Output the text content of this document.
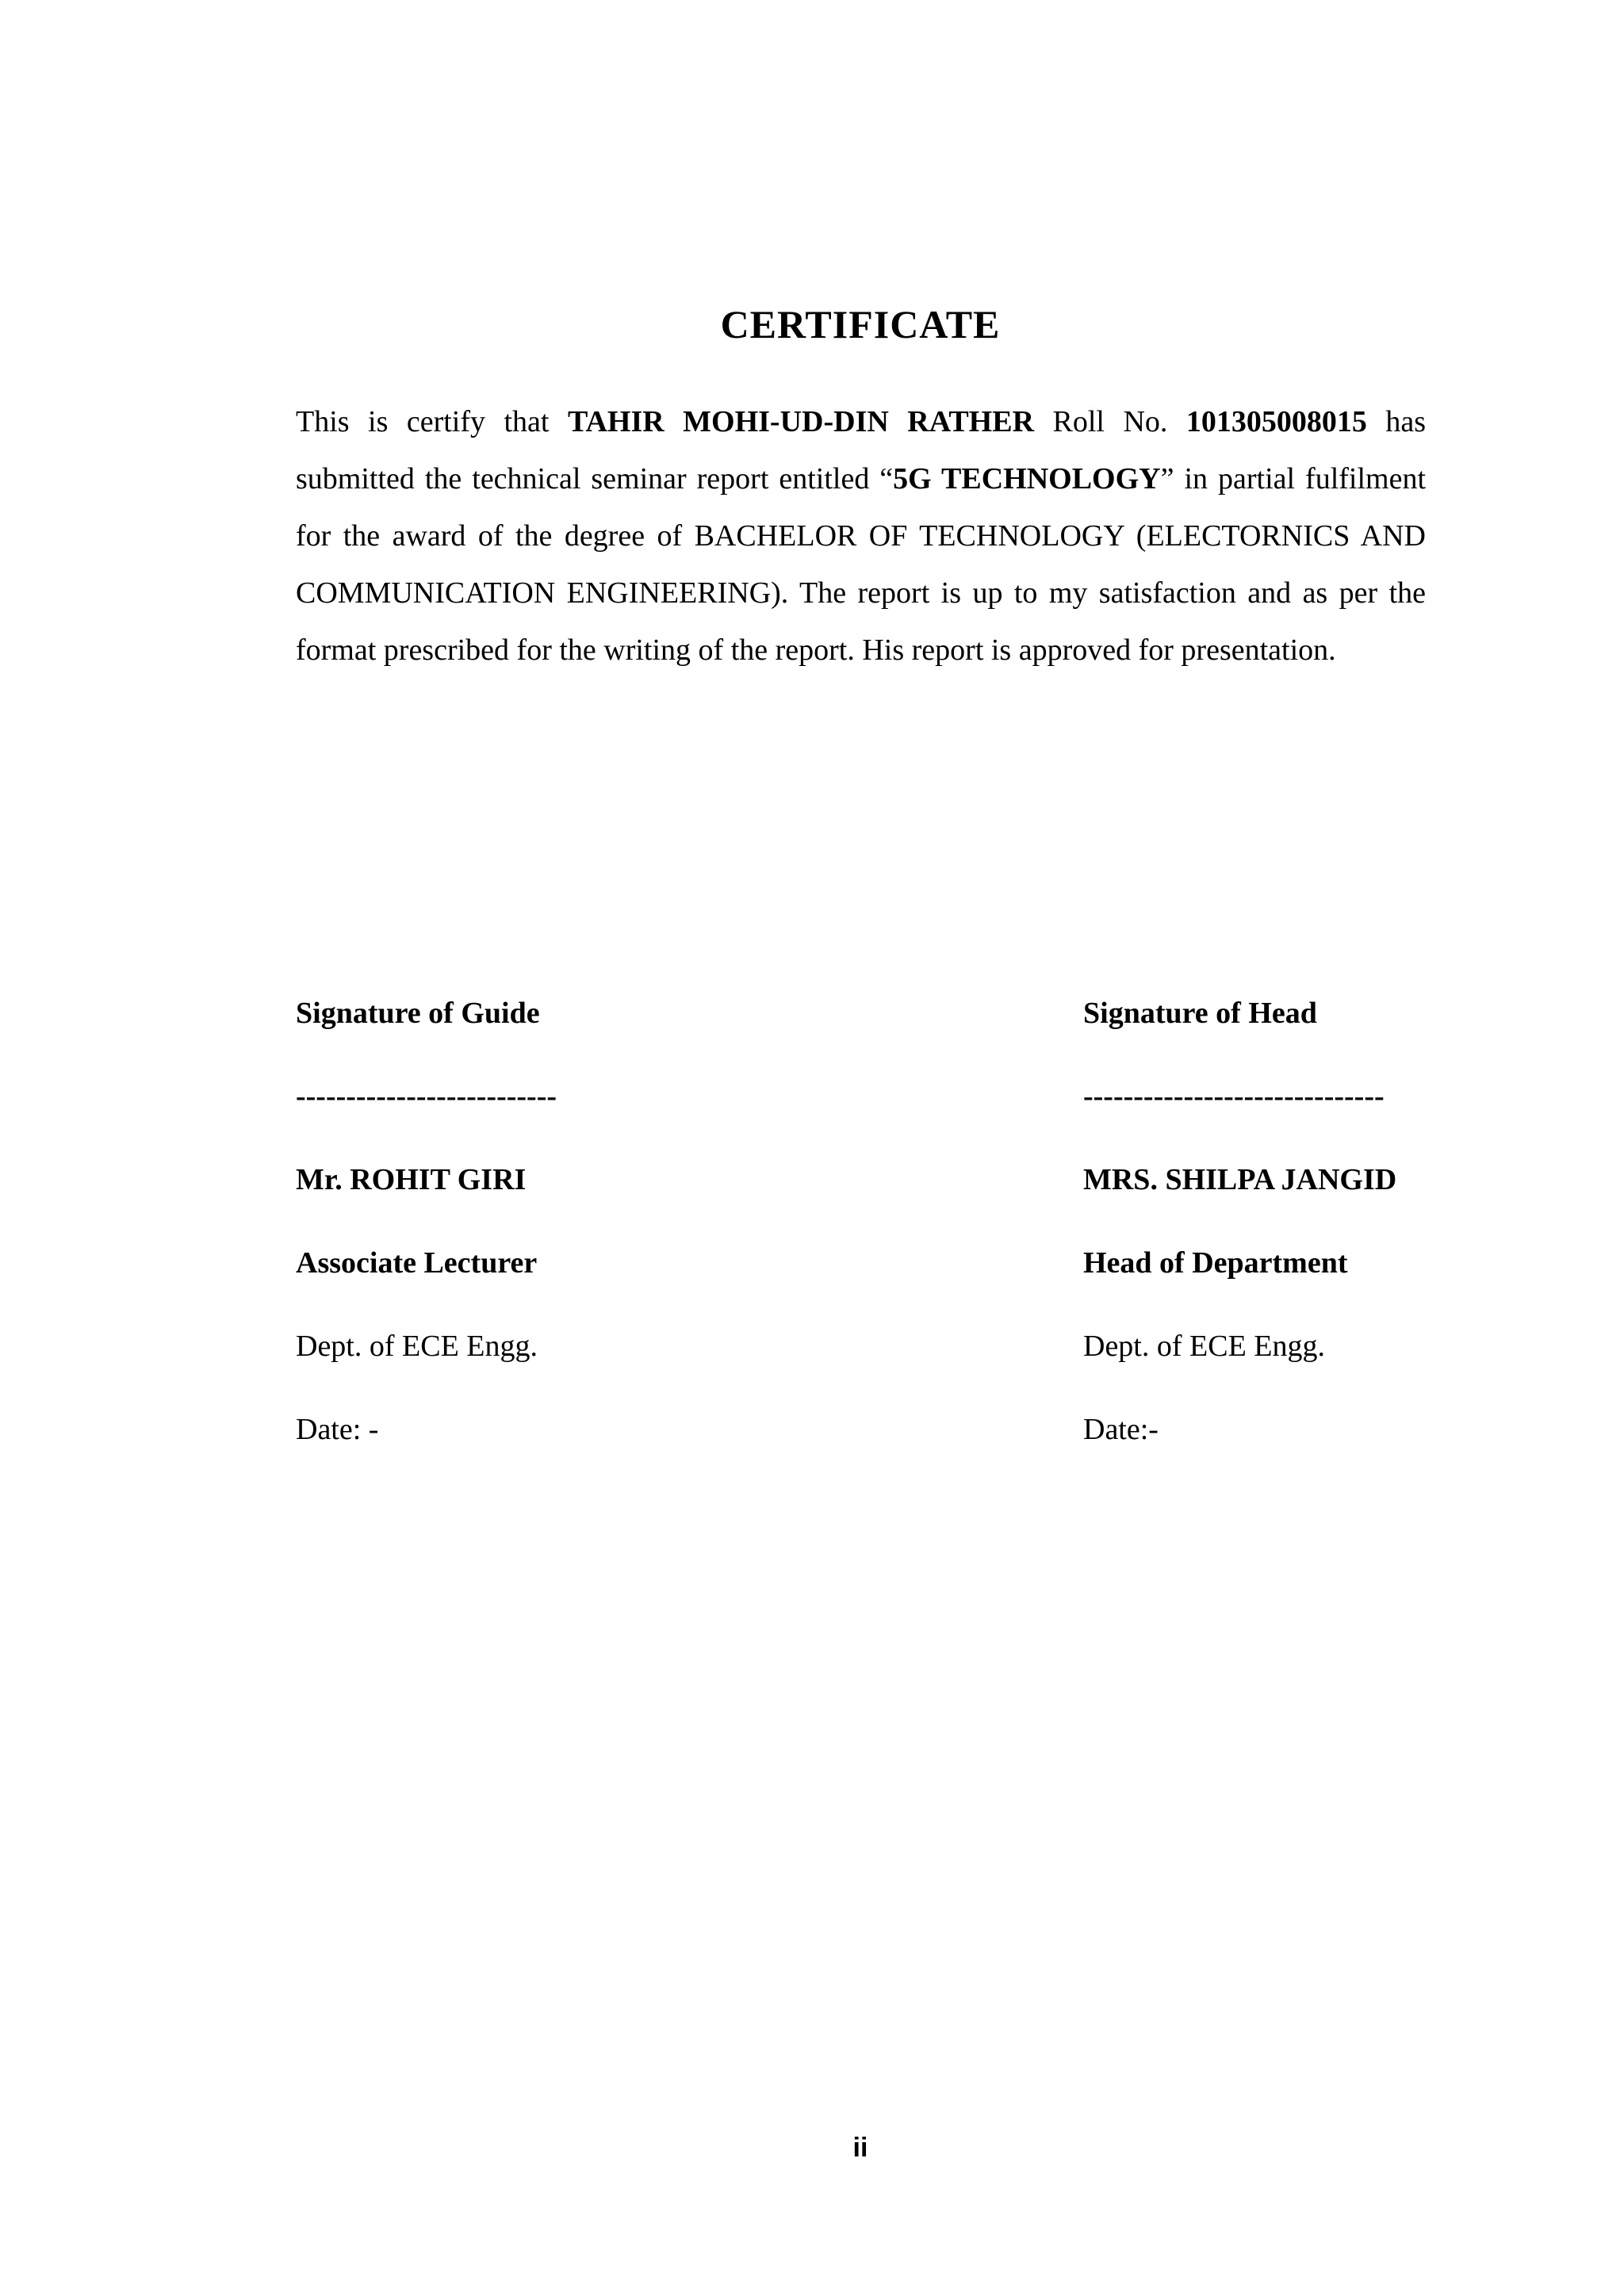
CERTIFICATE

This is certify that TAHIR MOHI-UD-DIN RATHER Roll No. 101305008015 has submitted the technical seminar report entitled “5G TECHNOLOGY” in partial fulfilment for the award of the degree of BACHELOR OF TECHNOLOGY (ELECTORNICS AND COMMUNICATION ENGINEERING). The report is up to my satisfaction and as per the format prescribed for the writing of the report. His report is approved for presentation.

Signature of Guide

--------------------------

Mr. ROHIT GIRI

Associate Lecturer

Dept. of ECE Engg.

Date: -

Signature of Head

------------------------------

MRS. SHILPA JANGID

Head of Department

Dept. of ECE Engg.

Date:-

ii
